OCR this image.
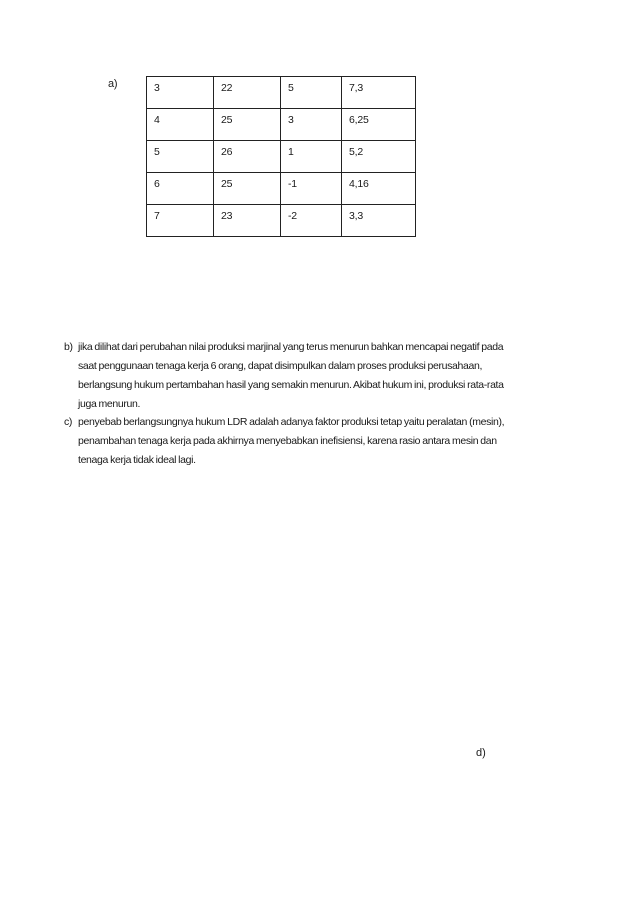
a)	3	22	5	7,3
4	25	3	6,25
5	26	1	5,2
6	25	-1	4,16
7	23	-2	3,3
b) jika dilihat dari perubahan nilai produksi marjinal yang terus menurun bahkan mencapai negatif pada
saat penggunaan tenaga kerja 6 orang, dapat disimpulkan dalam proses produksi perusahaan,
berlangsung hukum pertambahan hasil yang semakin menurun. Akibat hukum ini, produksi rata-rata
juga menurun.
c) penyebab berlangsungnya hukum LDR adalah adanya faktor produksi tetap yaitu peralatan (mesin),
penambahan tenaga kerja pada akhirnya menyebabkan inefisiensi, karena rasio antara mesin dan
tenaga kerja tidak ideal lagi.
d)
